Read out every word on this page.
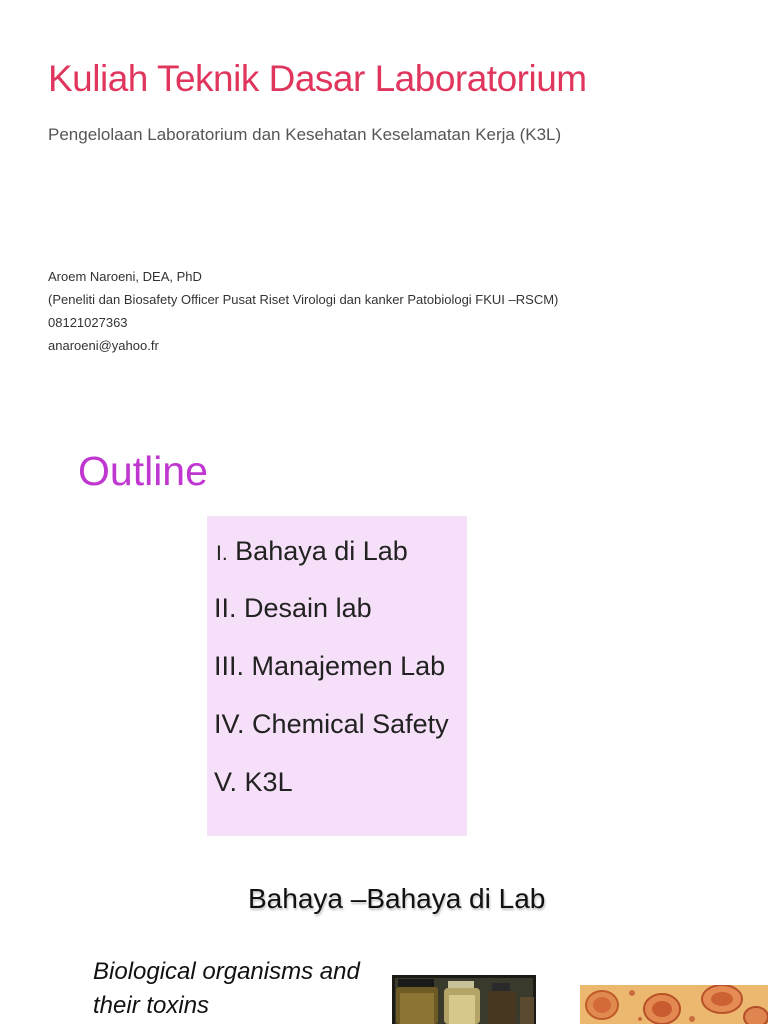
Kuliah Teknik Dasar Laboratorium

Pengelolaan Laboratorium dan Kesehatan Keselamatan Kerja (K3L)

Aroem Naroeni, DEA, PhD
(Peneliti dan Biosafety Officer Pusat Riset Virologi dan kanker Patobiologi FKUI –RSCM)
08121027363
anaroeni@yahoo.fr
Outline
I. Bahaya di Lab
II. Desain lab
III. Manajemen Lab
IV. Chemical Safety
V. K3L
Bahaya –Bahaya di Lab
Biological organisms and their toxins
